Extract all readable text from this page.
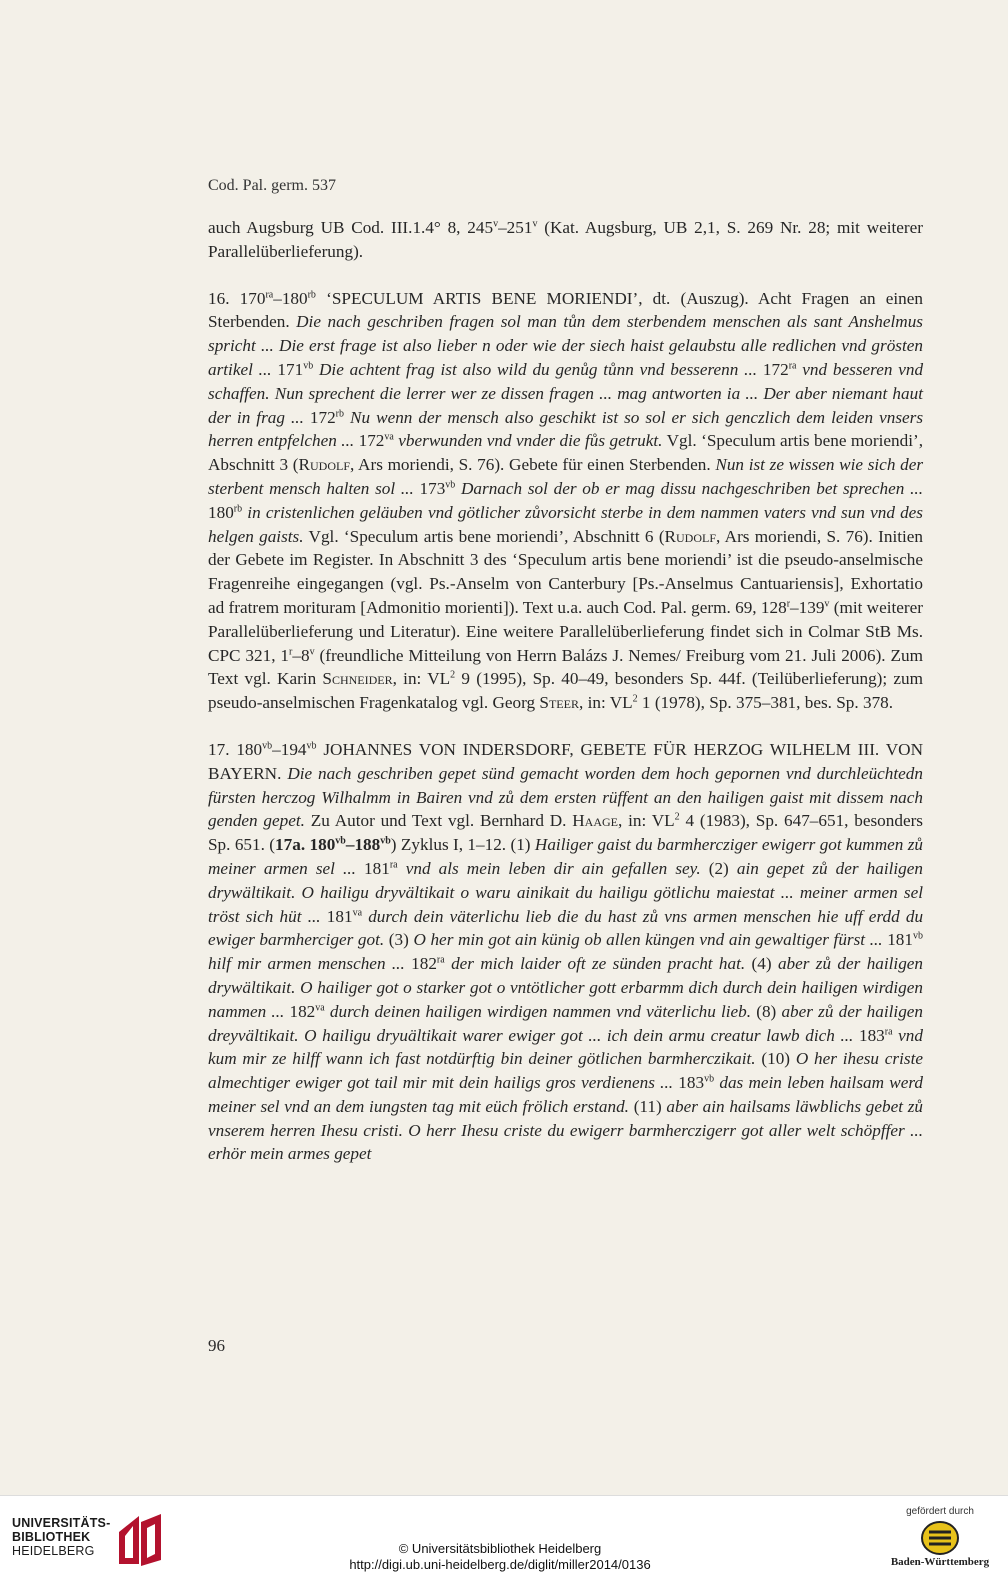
Cod. Pal. germ. 537

auch Augsburg UB Cod. III.1.4° 8, 245$^v$–251$^v$ (Kat. Augsburg, UB 2,1, S. 269 Nr. 28; mit weiterer Parallelüberlieferung).

16. $170^{ra}-180^{rb}$ ‘SPECULUM ARTIS BENE MORIENDI’, dt. (Auszug). Acht Fragen an einen Sterbenden. Die nach geschriben fragen sol man tůn dem sterbendem menschen als sant Anshelmus spricht ... Die erst frage ist also lieber n oder wie der siech haist gelaubstu alle redlichen vnd grösten artikel ... $171^{vb}$ Die achtent frag ist also wild du genůg tůnn vnd besserenn ... $172^{ra}$ vnd besseren vnd schaffen. Nun sprechent die lerrer wer ze dissen fragen ... mag antworten ia ... Der aber niemant haut der in frag ... $172^{rb}$ Nu wenn der mensch also geschikt ist so sol er sich genczlich dem leiden vnsers herren entpfelchen ... $172^{va}$ vberwunden vnd vnder die fůs getrukt. Vgl. ‘Speculum artis bene moriendi’, Abschnitt 3 (Rudolf, Ars moriendi, S. 76). Gebete für einen Sterbenden. Nun ist ze wissen wie sich der sterbent mensch halten sol ... $173^{vb}$ Darnach sol der ob er mag dissu nachgeschriben bet sprechen ... $180^{rb}$ in cristenlichen geläuben vnd götlicher zůvorsicht sterbe in dem nammen vaters vnd sun vnd des helgen gaists. Vgl. ‘Speculum artis bene moriendi’, Abschnitt 6 (Rudolf, Ars moriendi, S. 76). Initien der Gebete im Register. In Abschnitt 3 des ‘Speculum artis bene moriendi’ ist die pseudo-anselmische Fragenreihe eingegangen (vgl. Ps.-Anselm von Canterbury [Ps.-Anselmus Cantuariensis], Exhortatio ad fratrem morituram [Admonitio morienti]). Text u.a. auch Cod. Pal. germ. 69, 128$^r$–139$^v$ (mit weiterer Parallelüberlieferung und Literatur). Eine weitere Parallelüberlieferung findet sich in Colmar StB Ms. CPC 321, 1$^r$–8$^v$ (freundliche Mitteilung von Herrn Balázs J. Nemes/ Freiburg vom 21. Juli 2006). Zum Text vgl. Karin Schneider, in: $VL^2$ 9 (1995), Sp. 40–49, besonders Sp. 44f. (Teilüberlieferung); zum pseudo-anselmischen Fragenkatalog vgl. Georg Steer, in: $VL^2$ 1 (1978), Sp. 375–381, bes. Sp. 378.

17. $180^{vb}-194^{vb}$ JOHANNES VON INDERSDORF, GEBETE FÜR HERZOG WILHELM III. VON BAYERN. Die nach geschriben gepet sünd gemacht worden dem hoch gepornen vnd durchleüchtedn fürsten herczog Wilhalmm in Bairen vnd zů dem ersten rüffent an den hailigen gaist mit dissem nach genden gepet. Zu Autor und Text vgl. Bernhard D. Haage, in: $VL^2$ 4 (1983), Sp. 647–651, besonders Sp. 651. (17a. $180^{vb}-188^{vb}$) Zyklus I, 1–12. (1) Hailiger gaist du barmhercziger ewigerr got kummen zů meiner armen sel ... $181^{ra}$ vnd als mein leben dir ain gefallen sey. (2) ain gepet zů der hailigen drywältikait. O hailigu dryvältikait o waru ainikait du hailigu götlichu maiestat ... meiner armen sel tröst sich hüt ... $181^{va}$ durch dein väterlichu lieb die du hast zů vns armen menschen hie uff erdd du ewiger barmherciger got. (3) O her min got ain künig ob allen küngen vnd ain gewaltiger fürst ... $181^{vb}$ hilf mir armen menschen ... $182^{ra}$ der mich laider oft ze sünden pracht hat. (4) aber zů der hailigen drywältikait. O hailiger got o starker got o vntötlicher gott erbarmm dich durch dein hailigen wirdigen nammen ... $182^{va}$ durch deinen hailigen wirdigen nammen vnd väterlichu lieb. (8) aber zů der hailigen dreyvältikait. O hailigu dryuältikait warer ewiger got ... ich dein armu creatur lawb dich ... $183^{ra}$ vnd kum mir ze hilff wann ich fast notdürftig bin deiner götlichen barmherczikait. (10) O her ihesu criste almechtiger ewiger got tail mir mit dein hailigs gros verdienens ... $183^{vb}$ das mein leben hailsam werd meiner sel vnd an dem iungsten tag mit eüch frölich erstand. (11) aber ain hailsams läwblichs gebet zů vnserem herren Ihesu cristi. O herr Ihesu criste du ewigerr barmherczigerr got aller welt schöpffer ... erhör mein armes gepet

96
UNIVERSITÄTS-
BIBLIOTHEK
HEIDELBERG	© Universitätsbibliothek Heidelberg
http://digi.ub.uni-heidelberg.de/diglit/miller2014/0136
gefördert durch
Baden-Württemberg
